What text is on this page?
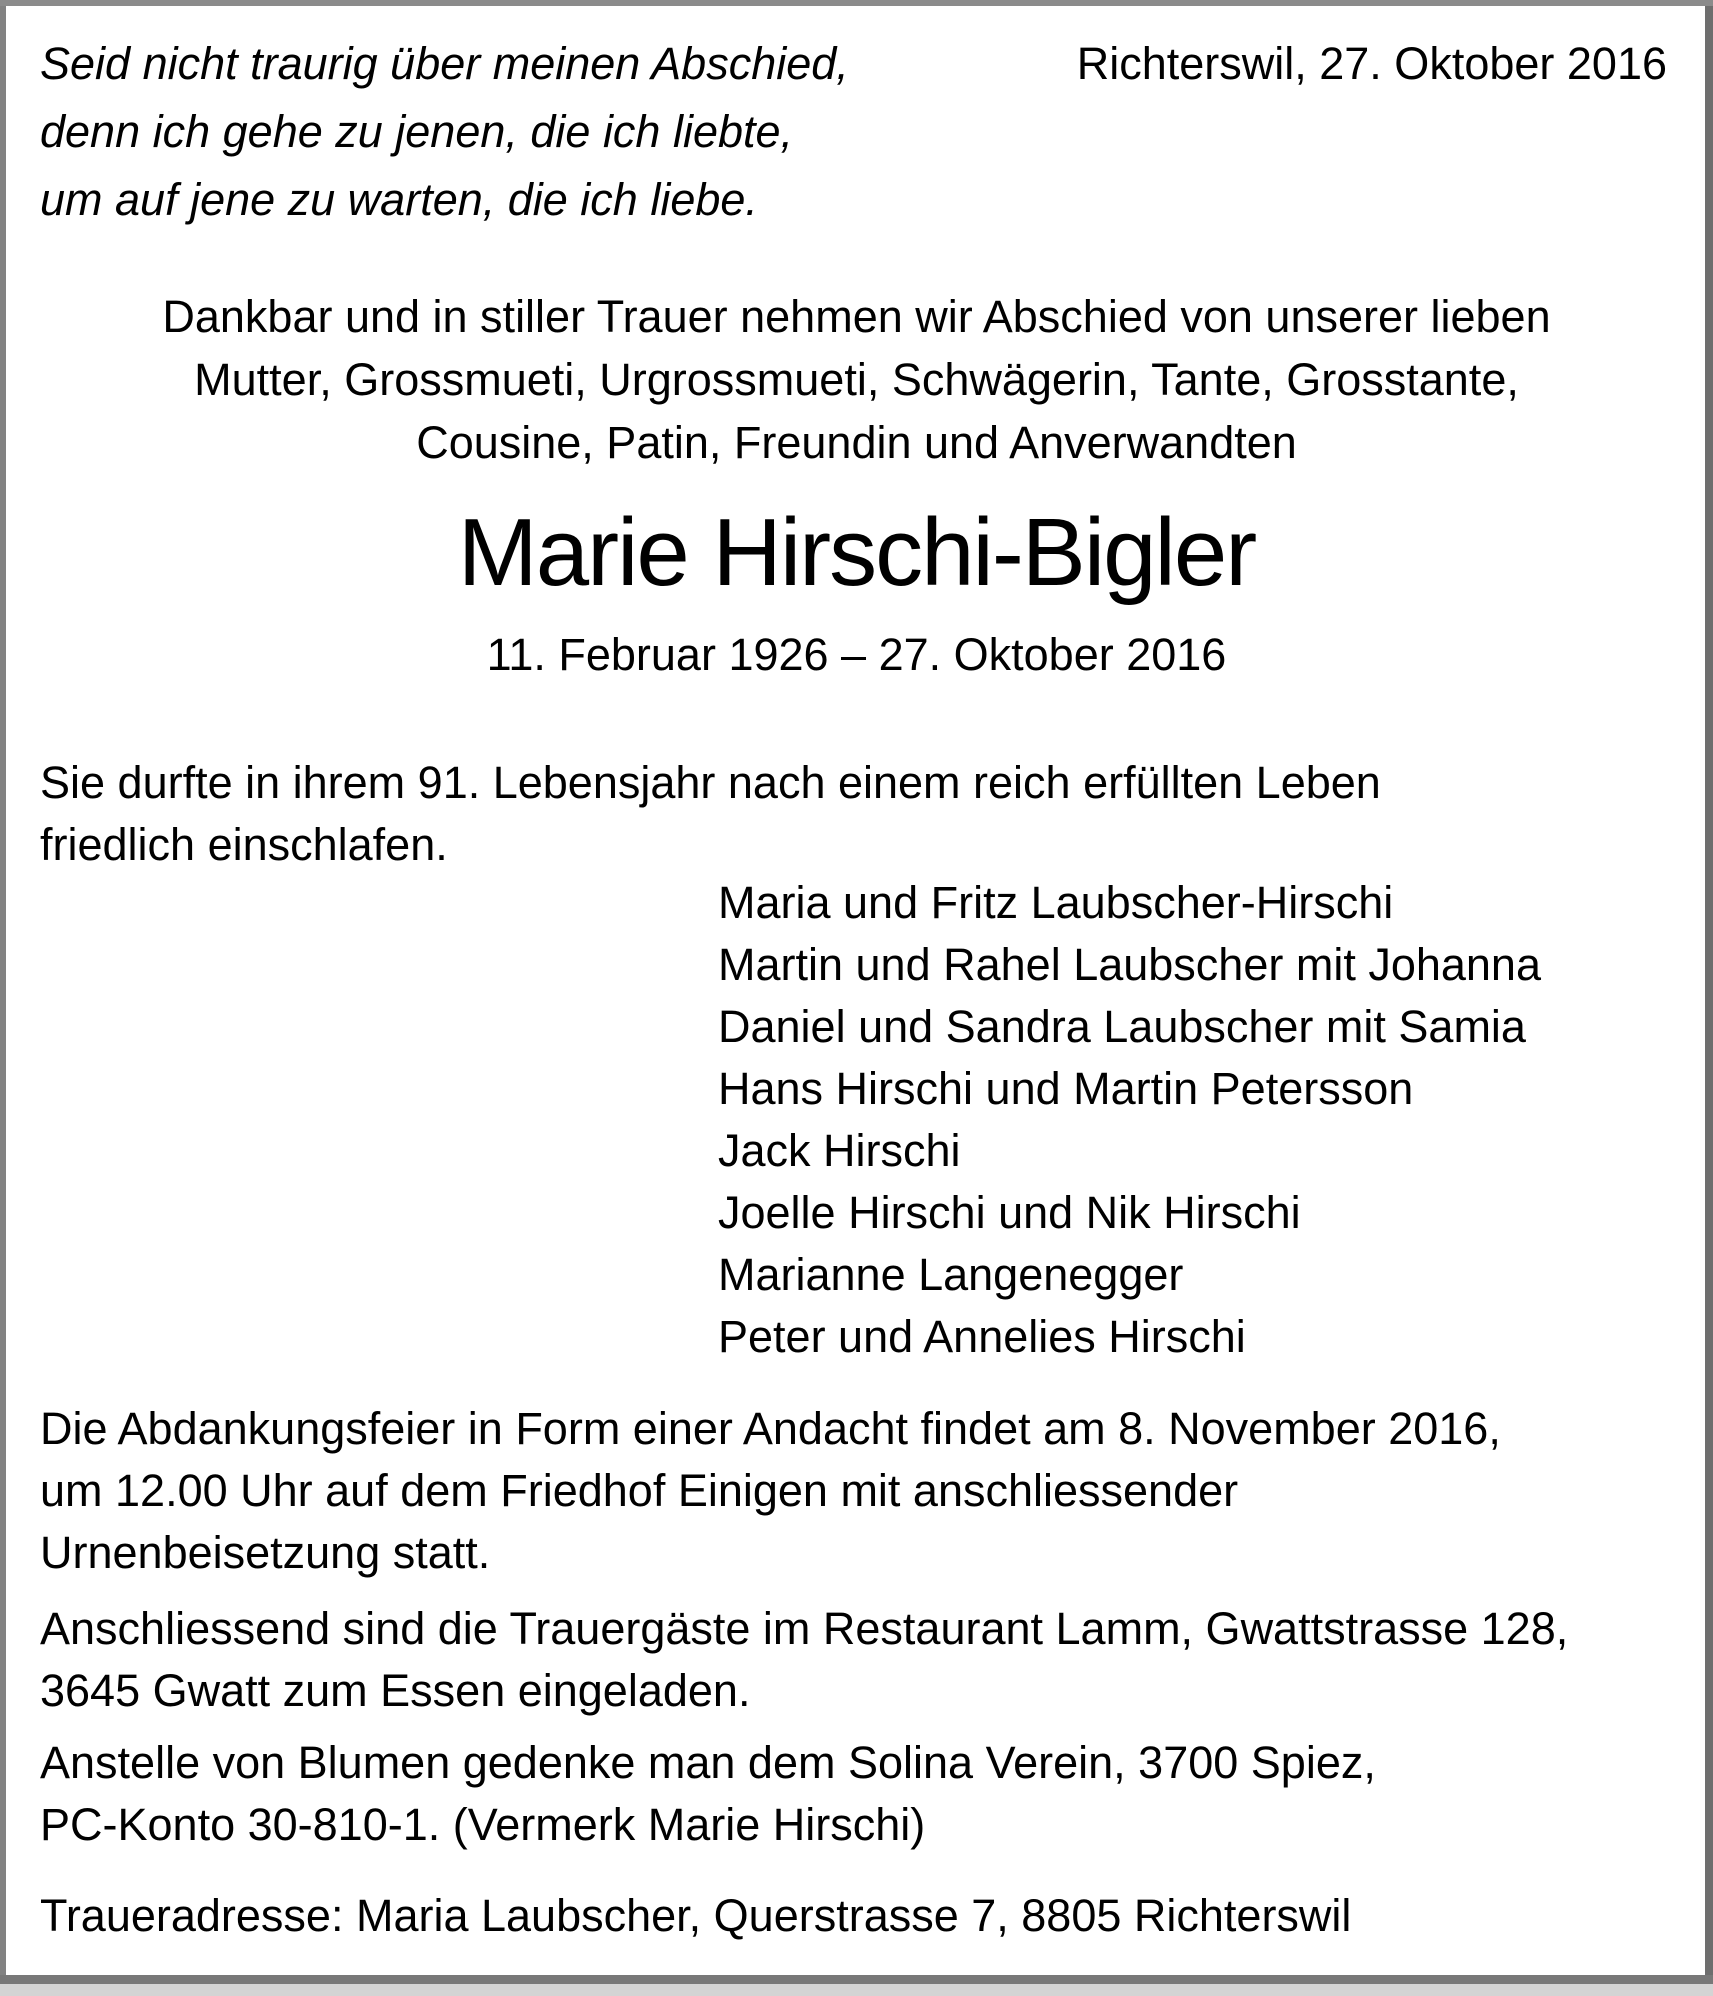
Seid nicht traurig über meinen Abschied,
denn ich gehe zu jenen, die ich liebte,
um auf jene zu warten, die ich liebe.
Richterswil, 27. Oktober 2016
Dankbar und in stiller Trauer nehmen wir Abschied von unserer lieben
Mutter, Grossmueti, Urgrossmueti, Schwägerin, Tante, Grosstante,
Cousine, Patin, Freundin und Anverwandten
Marie Hirschi-Bigler
11. Februar 1926 – 27. Oktober 2016
Sie durfte in ihrem 91. Lebensjahr nach einem reich erfüllten Leben
friedlich einschlafen.
Maria und Fritz Laubscher-Hirschi
Martin und Rahel Laubscher mit Johanna
Daniel und Sandra Laubscher mit Samia
Hans Hirschi und Martin Petersson
Jack Hirschi
Joelle Hirschi und Nik Hirschi
Marianne Langenegger
Peter und Annelies Hirschi
Die Abdankungsfeier in Form einer Andacht findet am 8. November 2016,
um 12.00 Uhr auf dem Friedhof Einigen mit anschliessender
Urnenbeisetzung statt.
Anschliessend sind die Trauergäste im Restaurant Lamm, Gwattstrasse 128,
3645 Gwatt zum Essen eingeladen.
Anstelle von Blumen gedenke man dem Solina Verein, 3700 Spiez,
PC-Konto 30-810-1. (Vermerk Marie Hirschi)
Traueradresse: Maria Laubscher, Querstrasse 7, 8805 Richterswil
